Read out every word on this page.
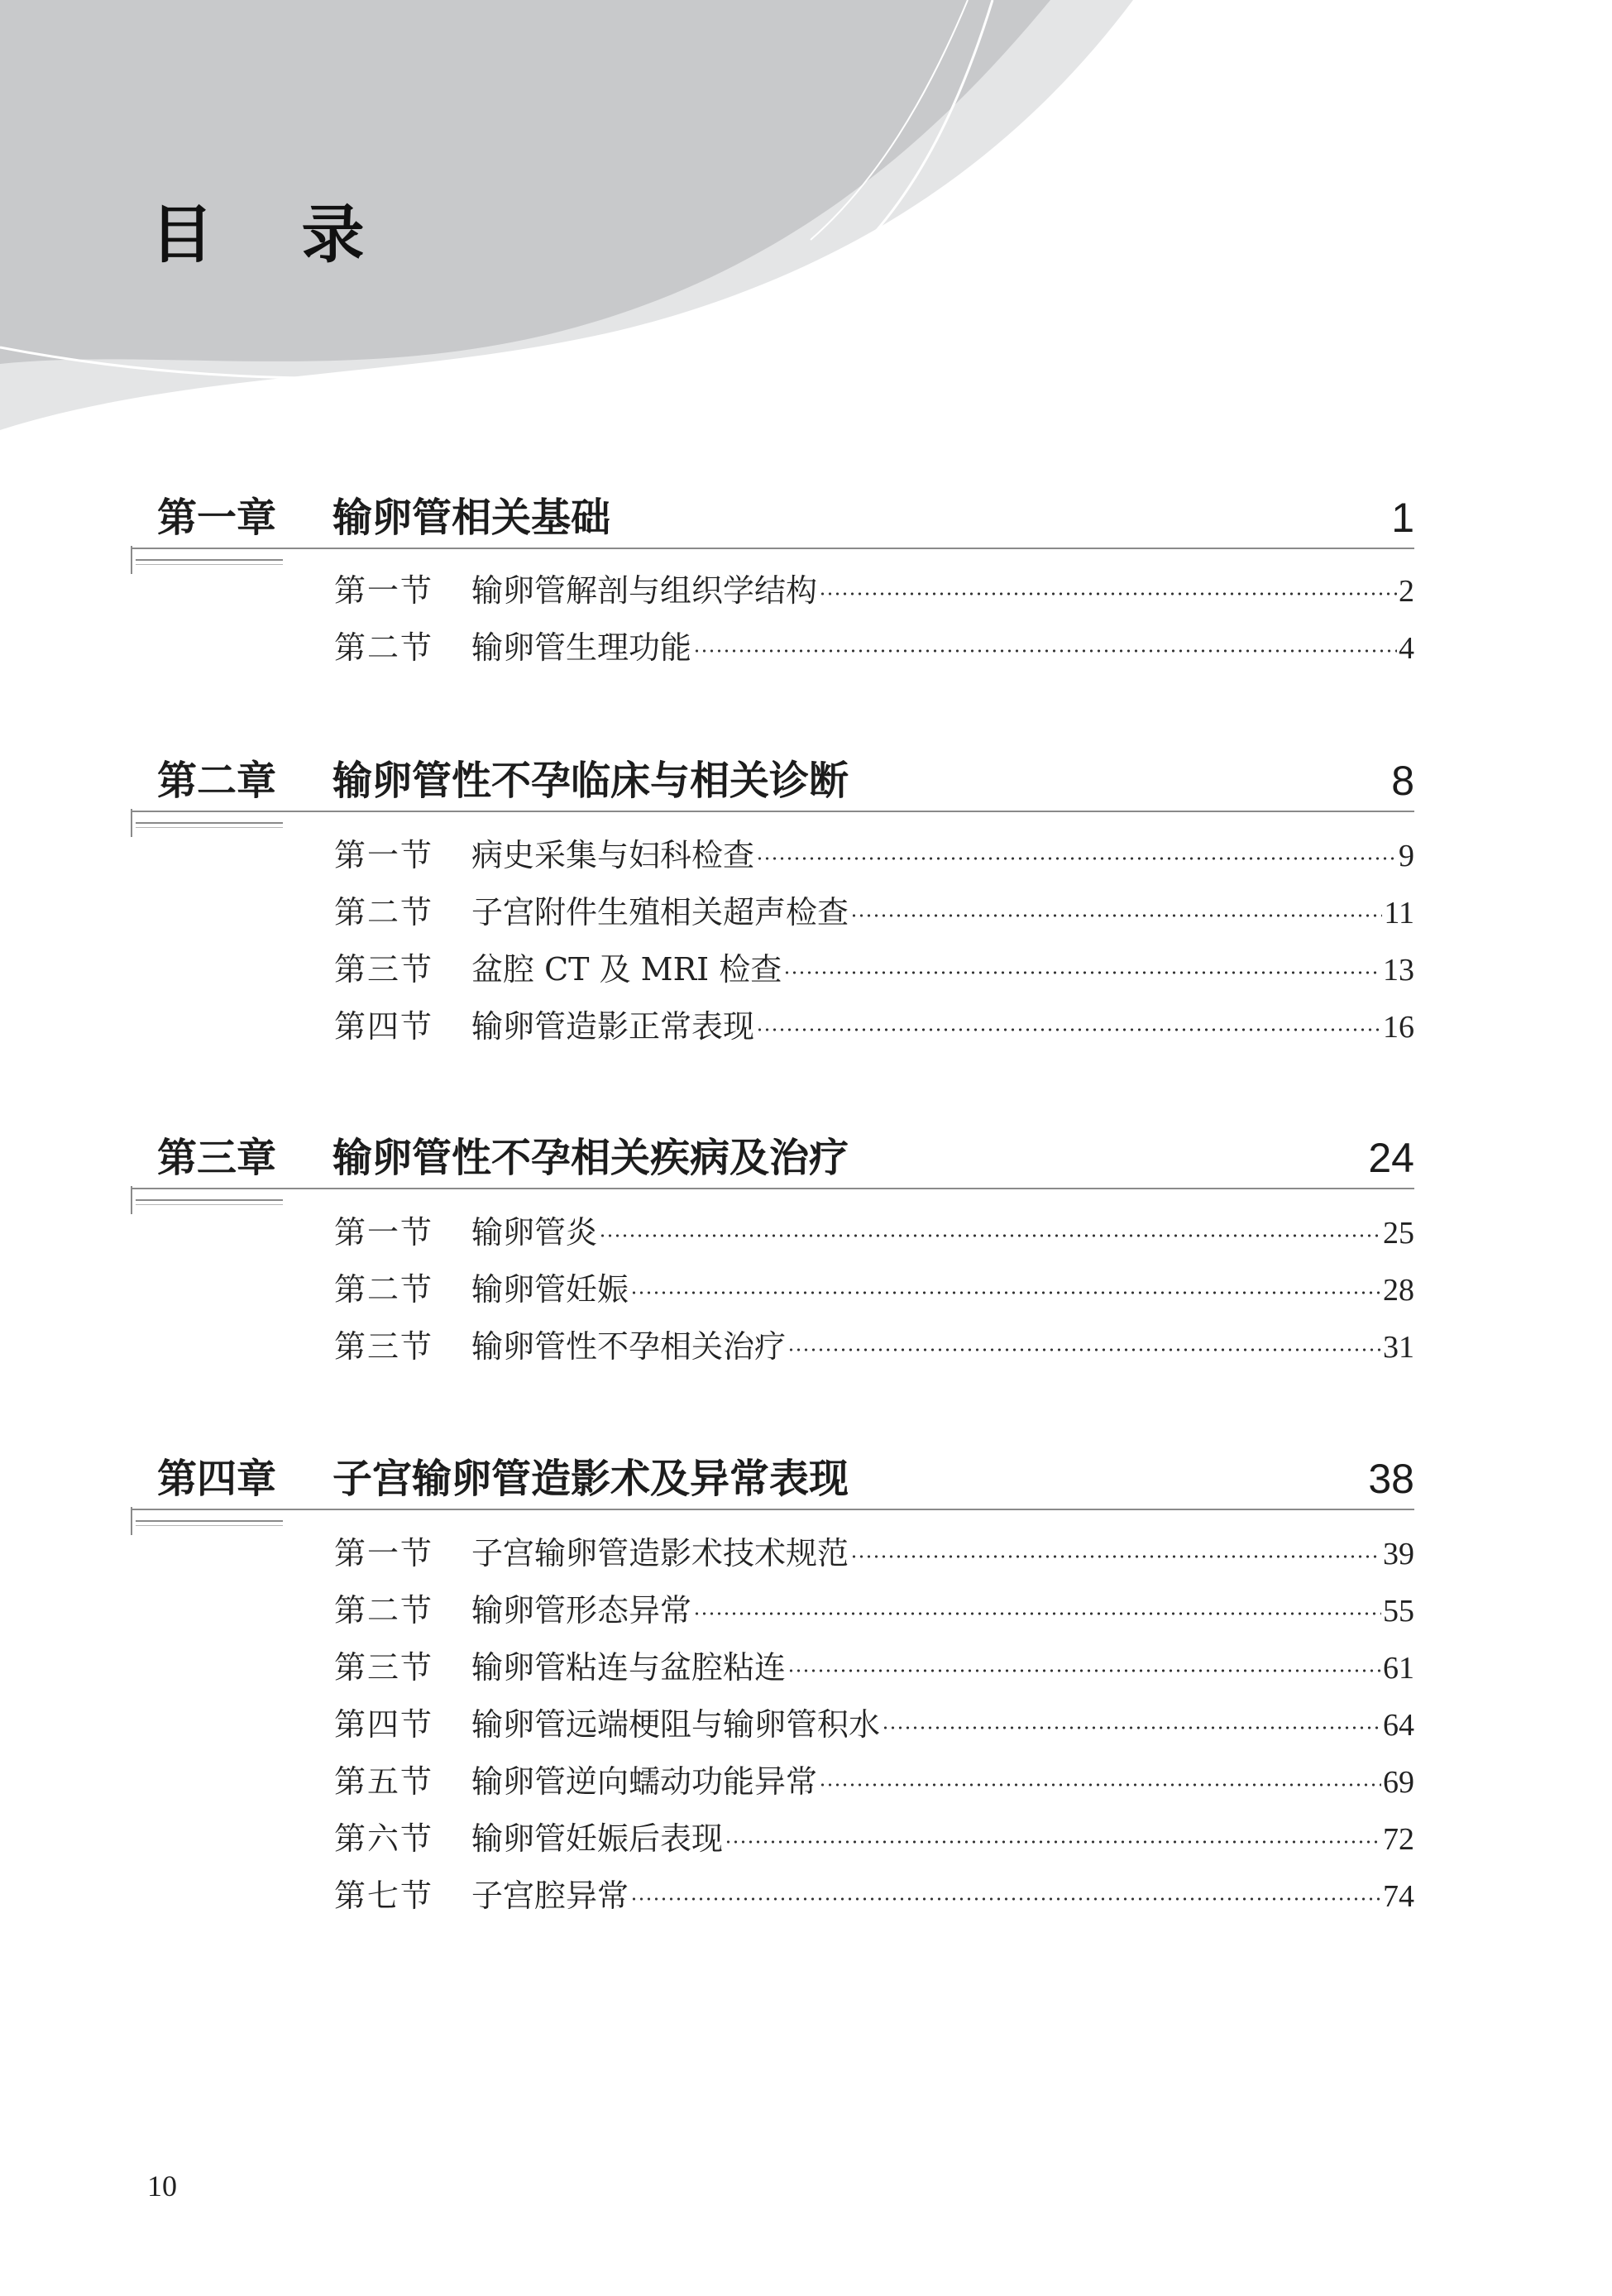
目 录
第一章 输卵管相关基础	1
第一节	输卵管解剖与组织学结构	2
第二节	输卵管生理功能	4
第二章 输卵管性不孕临床与相关诊断	8
第一节	病史采集与妇科检查	9
第二节	子宫附件生殖相关超声检查	11
第三节	盆腔 CT 及 MRI 检查	13
第四节	输卵管造影正常表现	16
第三章 输卵管性不孕相关疾病及治疗	24
第一节	输卵管炎	25
第二节	输卵管妊娠	28
第三节	输卵管性不孕相关治疗	31
第四章 子宫输卵管造影术及异常表现	38
第一节	子宫输卵管造影术技术规范	39
第二节	输卵管形态异常	55
第三节	输卵管粘连与盆腔粘连	61
第四节	输卵管远端梗阻与输卵管积水	64
第五节	输卵管逆向蠕动功能异常	69
第六节	输卵管妊娠后表现	72
第七节	子宫腔异常	74
10
